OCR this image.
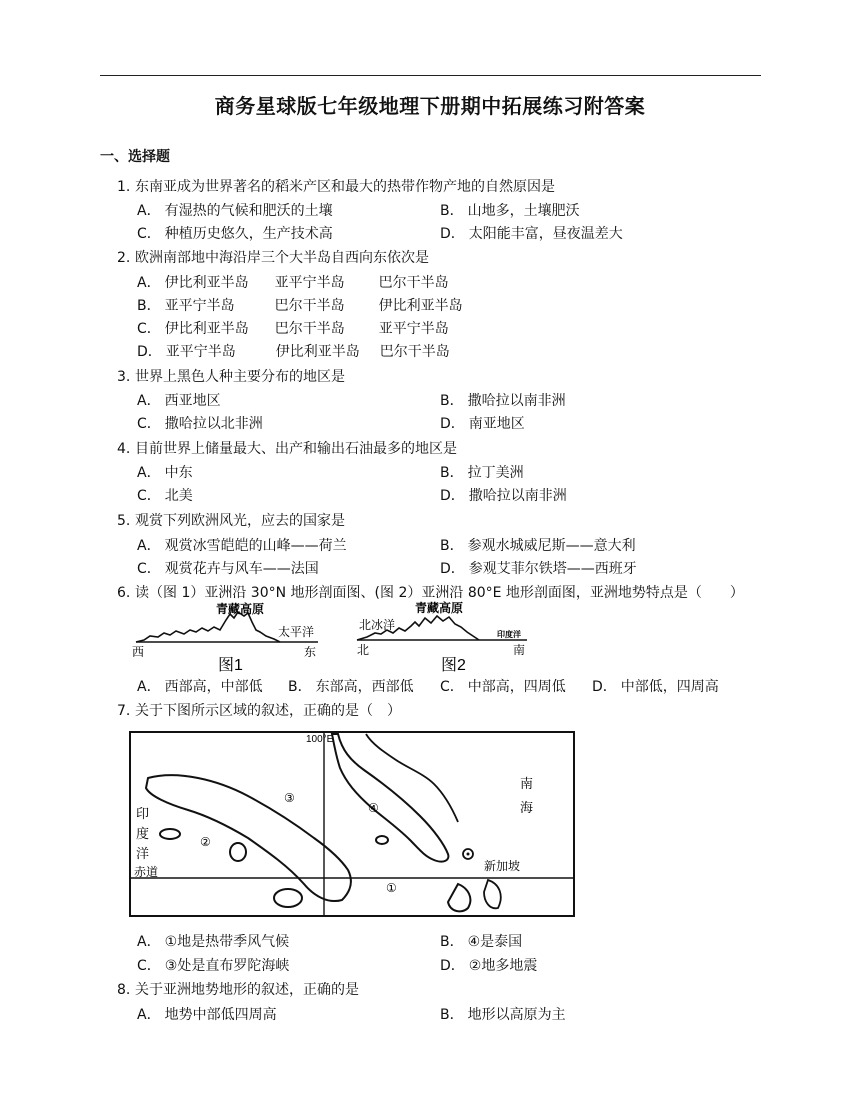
商务星球版七年级地理下册期中拓展练习附答案
一、选择题
1. 东南亚成为世界著名的稻米产区和最大的热带作物产地的自然原因是
A． 有湿热的气候和肥沃的土壤	B． 山地多，土壤肥沃
C． 种植历史悠久，生产技术高	D． 太阳能丰富，昼夜温差大
2. 欧洲南部地中海沿岸三个大半岛自西向东依次是
A． 伊比利亚半岛 亚平宁半岛 巴尔干半岛
B． 亚平宁半岛	巴尔干半岛 伊比利亚半岛
C． 伊比利亚半岛 巴尔干半岛 亚平宁半岛
D． 亚平宁半岛	伊比利亚半岛 巴尔干半岛
3. 世界上黑色人种主要分布的地区是
A． 西亚地区	B． 撒哈拉以南非洲
C． 撒哈拉以北非洲	D． 南亚地区
4. 目前世界上储量最大、出产和输出石油最多的地区是
A． 中东	B． 拉丁美洲
C． 北美	D． 撒哈拉以南非洲
5. 观赏下列欧洲风光，应去的国家是
A． 观赏冰雪皑皑的山峰——荷兰	B． 参观水城威尼斯——意大利
C． 观赏花卉与风车——法国	D． 参观艾菲尔铁塔——西班牙
6. 读（图 1）亚洲沿 30°N 地形剖面图、(图 2）亚洲沿 80°E 地形剖面图，亚洲地势特点是（　　）
青藏高原
太平洋
西	东
图1
北冰洋
青藏高原
印度洋
北	南
图2
A． 西部高，中部低 B． 东部高，西部低 C． 中部高，四周低 D． 中部低，四周高
7. 关于下图所示区域的叙述，正确的是（　）
100°E
印
度
洋
赤道
南
海
新加坡
③
②
④
①
A． ①地是热带季风气候	B． ④是泰国
C． ③处是直布罗陀海峡	D． ②地多地震
8. 关于亚洲地势地形的叙述，正确的是
A． 地势中部低四周高	B． 地形以高原为主
